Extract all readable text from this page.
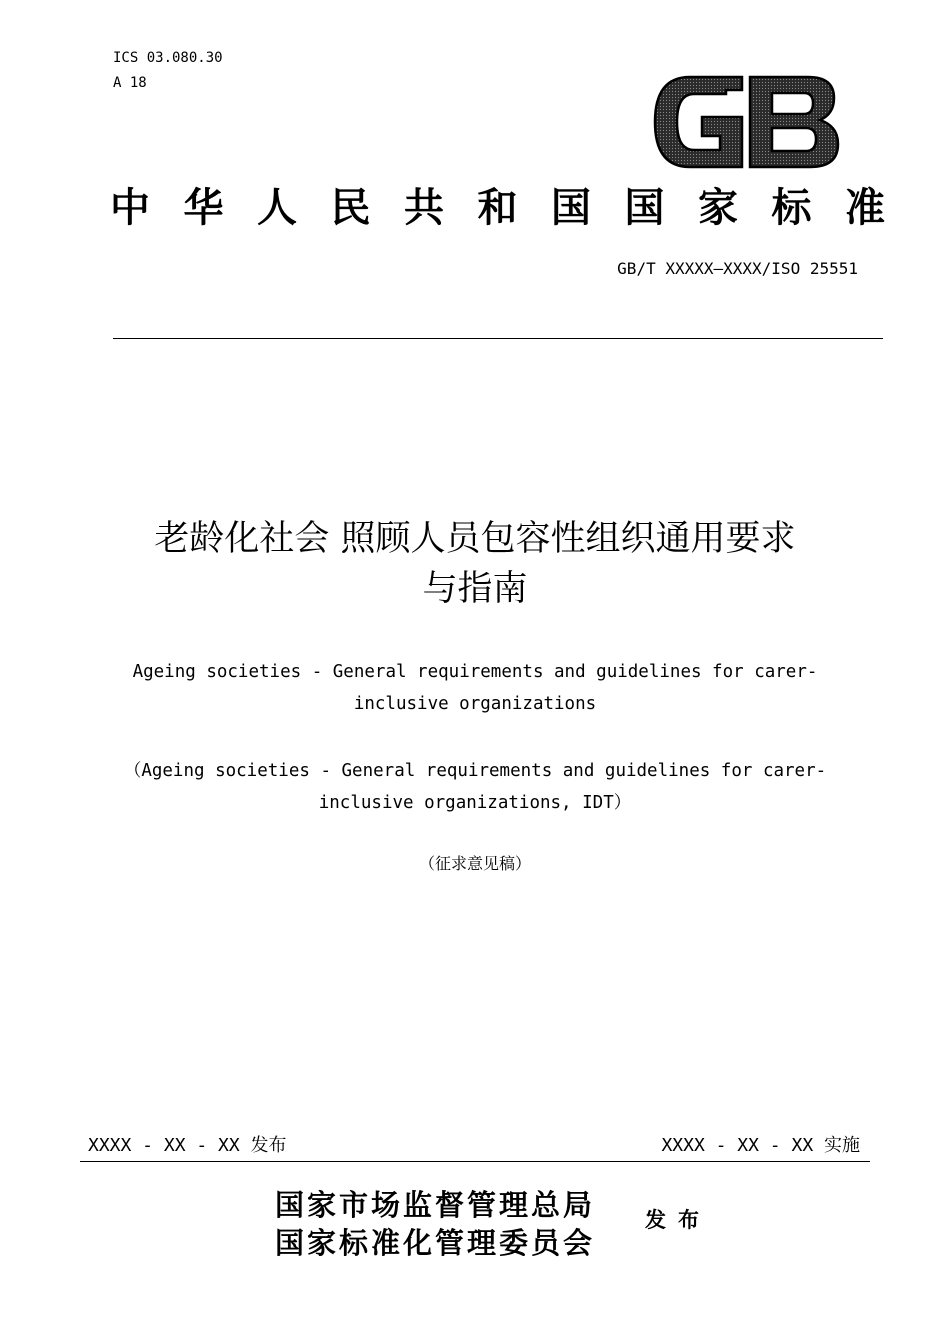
ICS 03.080.30
A 18
GB
中 华 人 民 共 和 国 国 家 标 准
GB/T XXXXX—XXXX/ISO 25551
老龄化社会 照顾人员包容性组织通用要求
与指南
Ageing societies - General requirements and guidelines for carer-
inclusive organizations
（Ageing societies - General requirements and guidelines for carer-
inclusive organizations, IDT）
（征求意见稿）
XXXX - XX - XX 发布	XXXX - XX - XX 实施
国家市场监督管理总局
国家标准化管理委员会
发布
